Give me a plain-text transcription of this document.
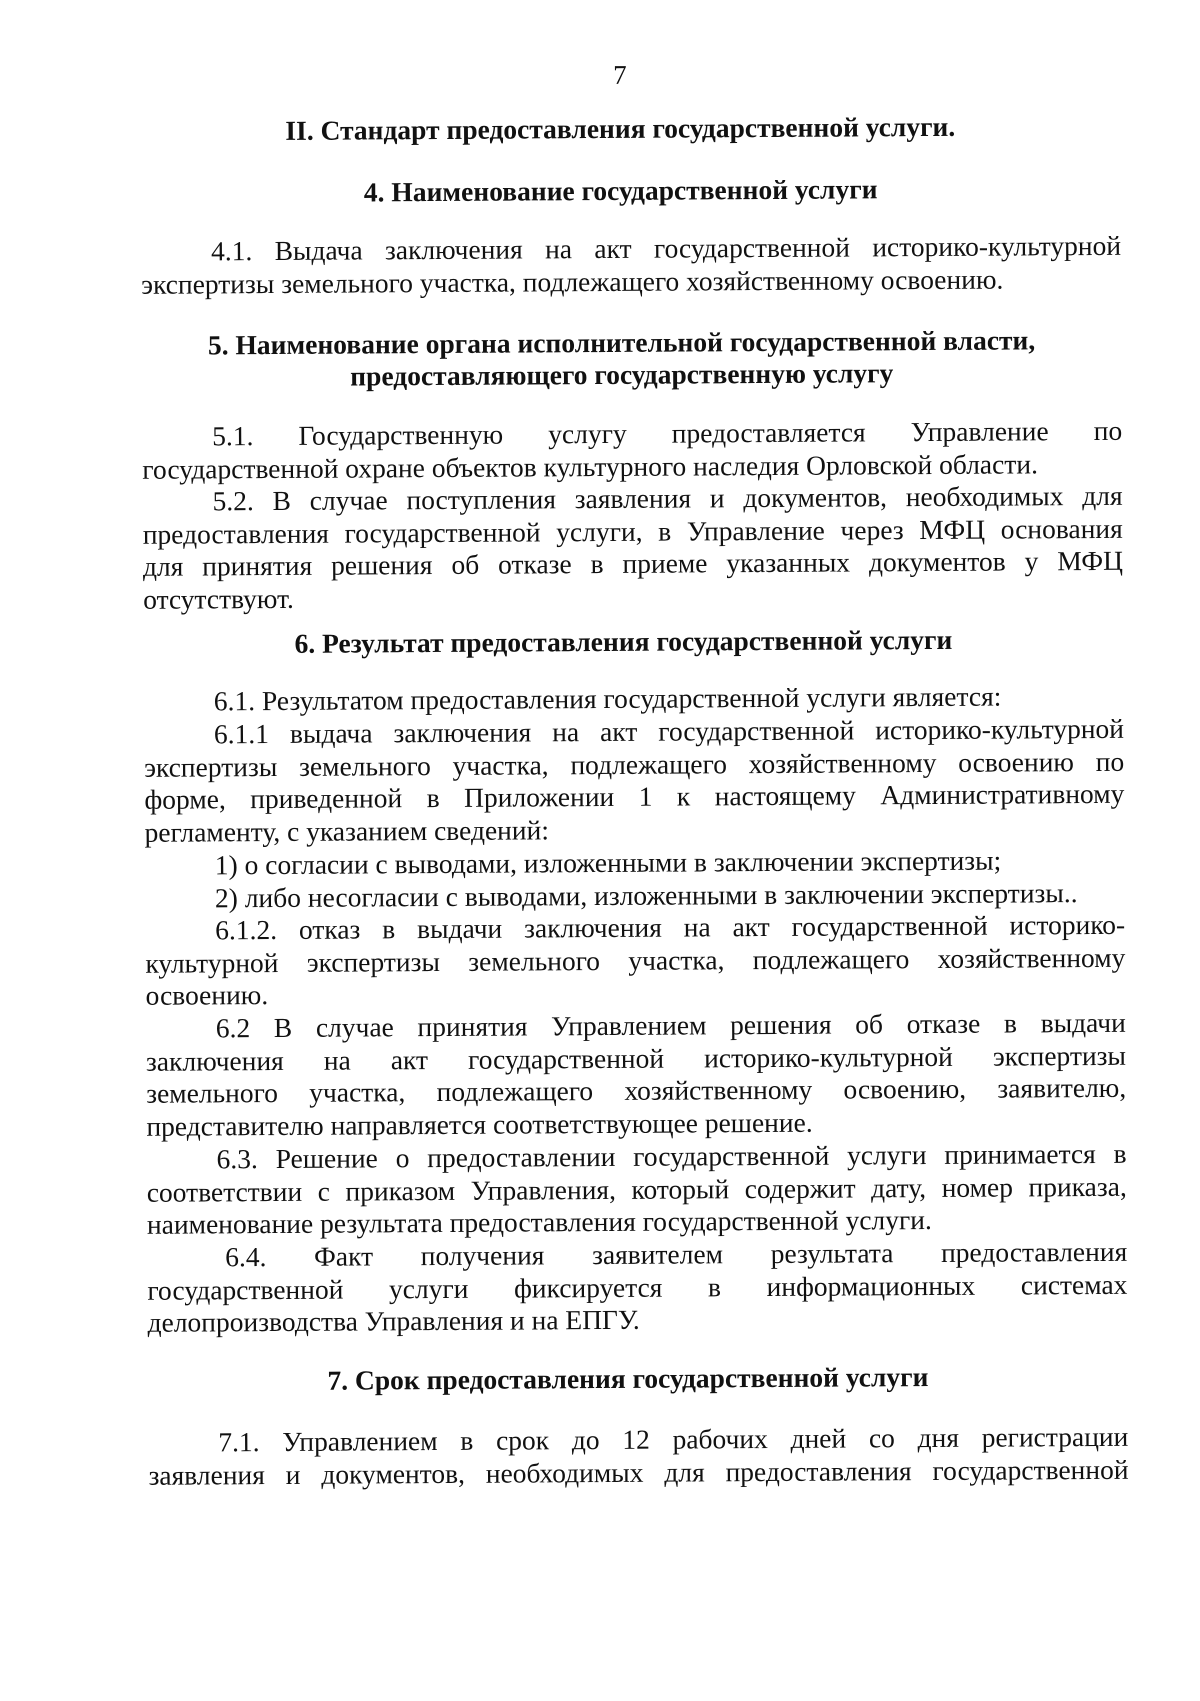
7
II. Стандарт предоставления государственной услуги.
4. Наименование государственной услуги
4.1. Выдача заключения на акт государственной историко-культурной
экспертизы земельного участка, подлежащего хозяйственному освоению.
5. Наименование органа исполнительной государственной власти,
предоставляющего государственную услугу
5.1. Государственную услугу предоставляется Управление по
государственной охране объектов культурного наследия Орловской области.
5.2. В случае поступления заявления и документов, необходимых для
предоставления государственной услуги, в Управление через МФЦ основания
для принятия решения об отказе в приеме указанных документов у МФЦ
отсутствуют.
6. Результат предоставления государственной услуги
6.1. Результатом предоставления государственной услуги является:
6.1.1 выдача заключения на акт государственной историко-культурной
экспертизы земельного участка, подлежащего хозяйственному освоению по
форме, приведенной в Приложении 1 к настоящему Административному
регламенту, с указанием сведений:
1) о согласии с выводами, изложенными в заключении экспертизы;
2) либо несогласии с выводами, изложенными в заключении экспертизы..
6.1.2. отказ в выдачи заключения на акт государственной историко-
культурной экспертизы земельного участка, подлежащего хозяйственному
освоению.
6.2 В случае принятия Управлением решения об отказе в выдачи
заключения на акт государственной историко-культурной экспертизы
земельного участка, подлежащего хозяйственному освоению, заявителю,
представителю направляется соответствующее решение.
6.3. Решение о предоставлении государственной услуги принимается в
соответствии с приказом Управления, который содержит дату, номер приказа,
наименование результата предоставления государственной услуги.
6.4. Факт получения заявителем результата предоставления
государственной услуги фиксируется в информационных системах
делопроизводства Управления и на ЕПГУ.
7. Срок предоставления государственной услуги
7.1. Управлением в срок до 12 рабочих дней со дня регистрации
заявления и документов, необходимых для предоставления государственной
